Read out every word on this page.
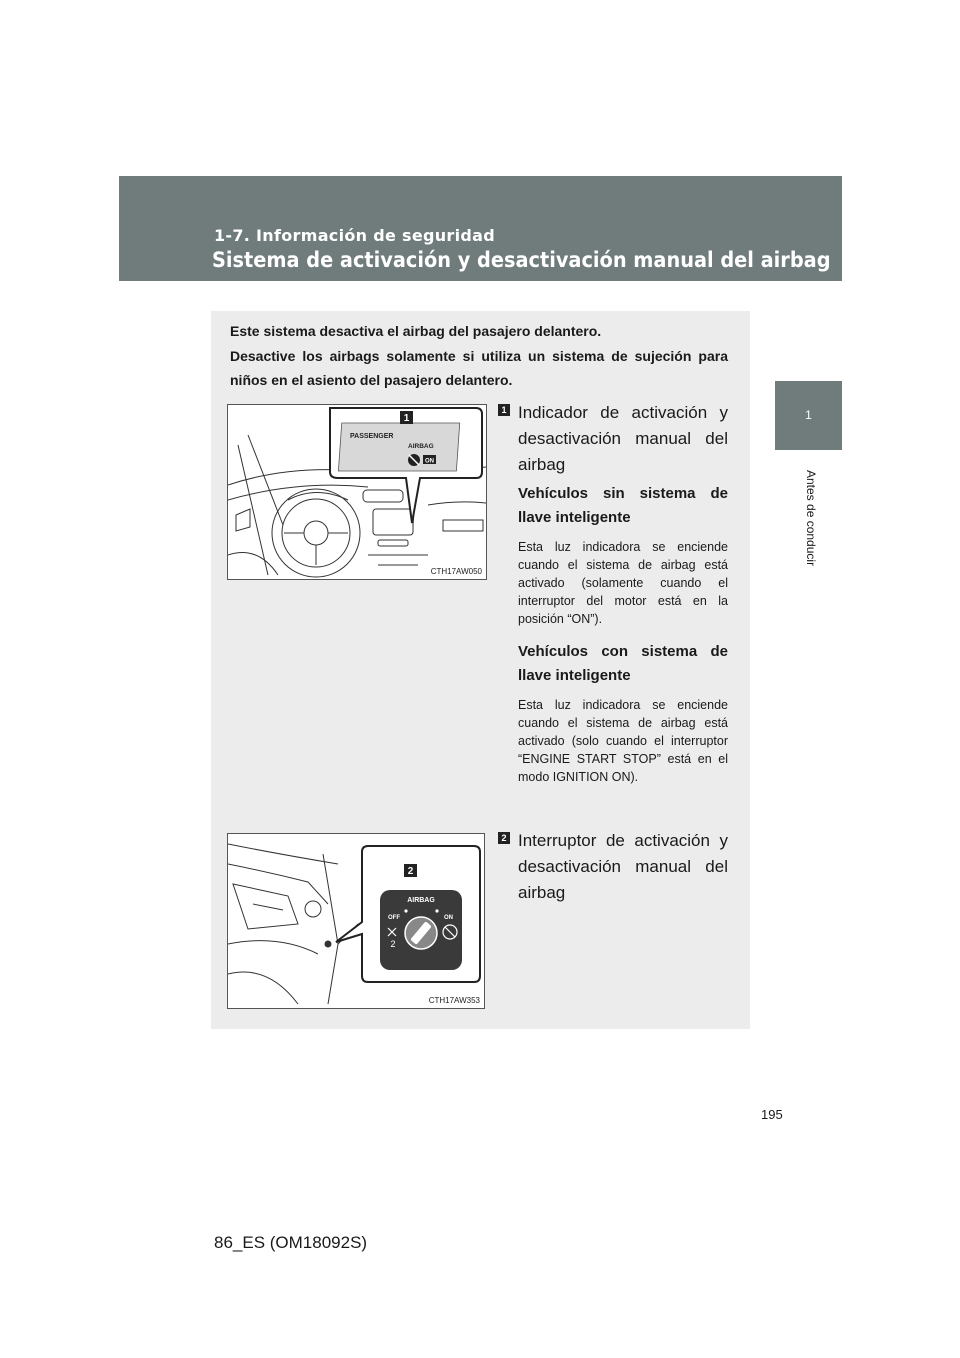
1-7. Información de seguridad
Sistema de activación y desactivación manual del airbag
1
Antes de conducir

Este sistema desactiva el airbag del pasajero delantero.

Desactive los airbags solamente si utiliza un sistema de sujeción para niños en el asiento del pasajero delantero.

1
PASSENGER
AIRBAG
ON
CTH17AW050
1 Indicador de activación y desactivación manual del airbag
Vehículos sin sistema de llave inteligente
Esta luz indicadora se enciende cuando el sistema de airbag está activado (solamente cuando el interruptor del motor está en la posición “ON”).
Vehículos con sistema de llave inteligente
Esta luz indicadora se enciende cuando el sistema de airbag está activado (solo cuando el interruptor “ENGINE START STOP” está en el modo IGNITION ON).
2
AIRBAG
OFF	ON
2
CTH17AW353
2 Interruptor de activación y desactivación manual del airbag
195
86_ES (OM18092S)
